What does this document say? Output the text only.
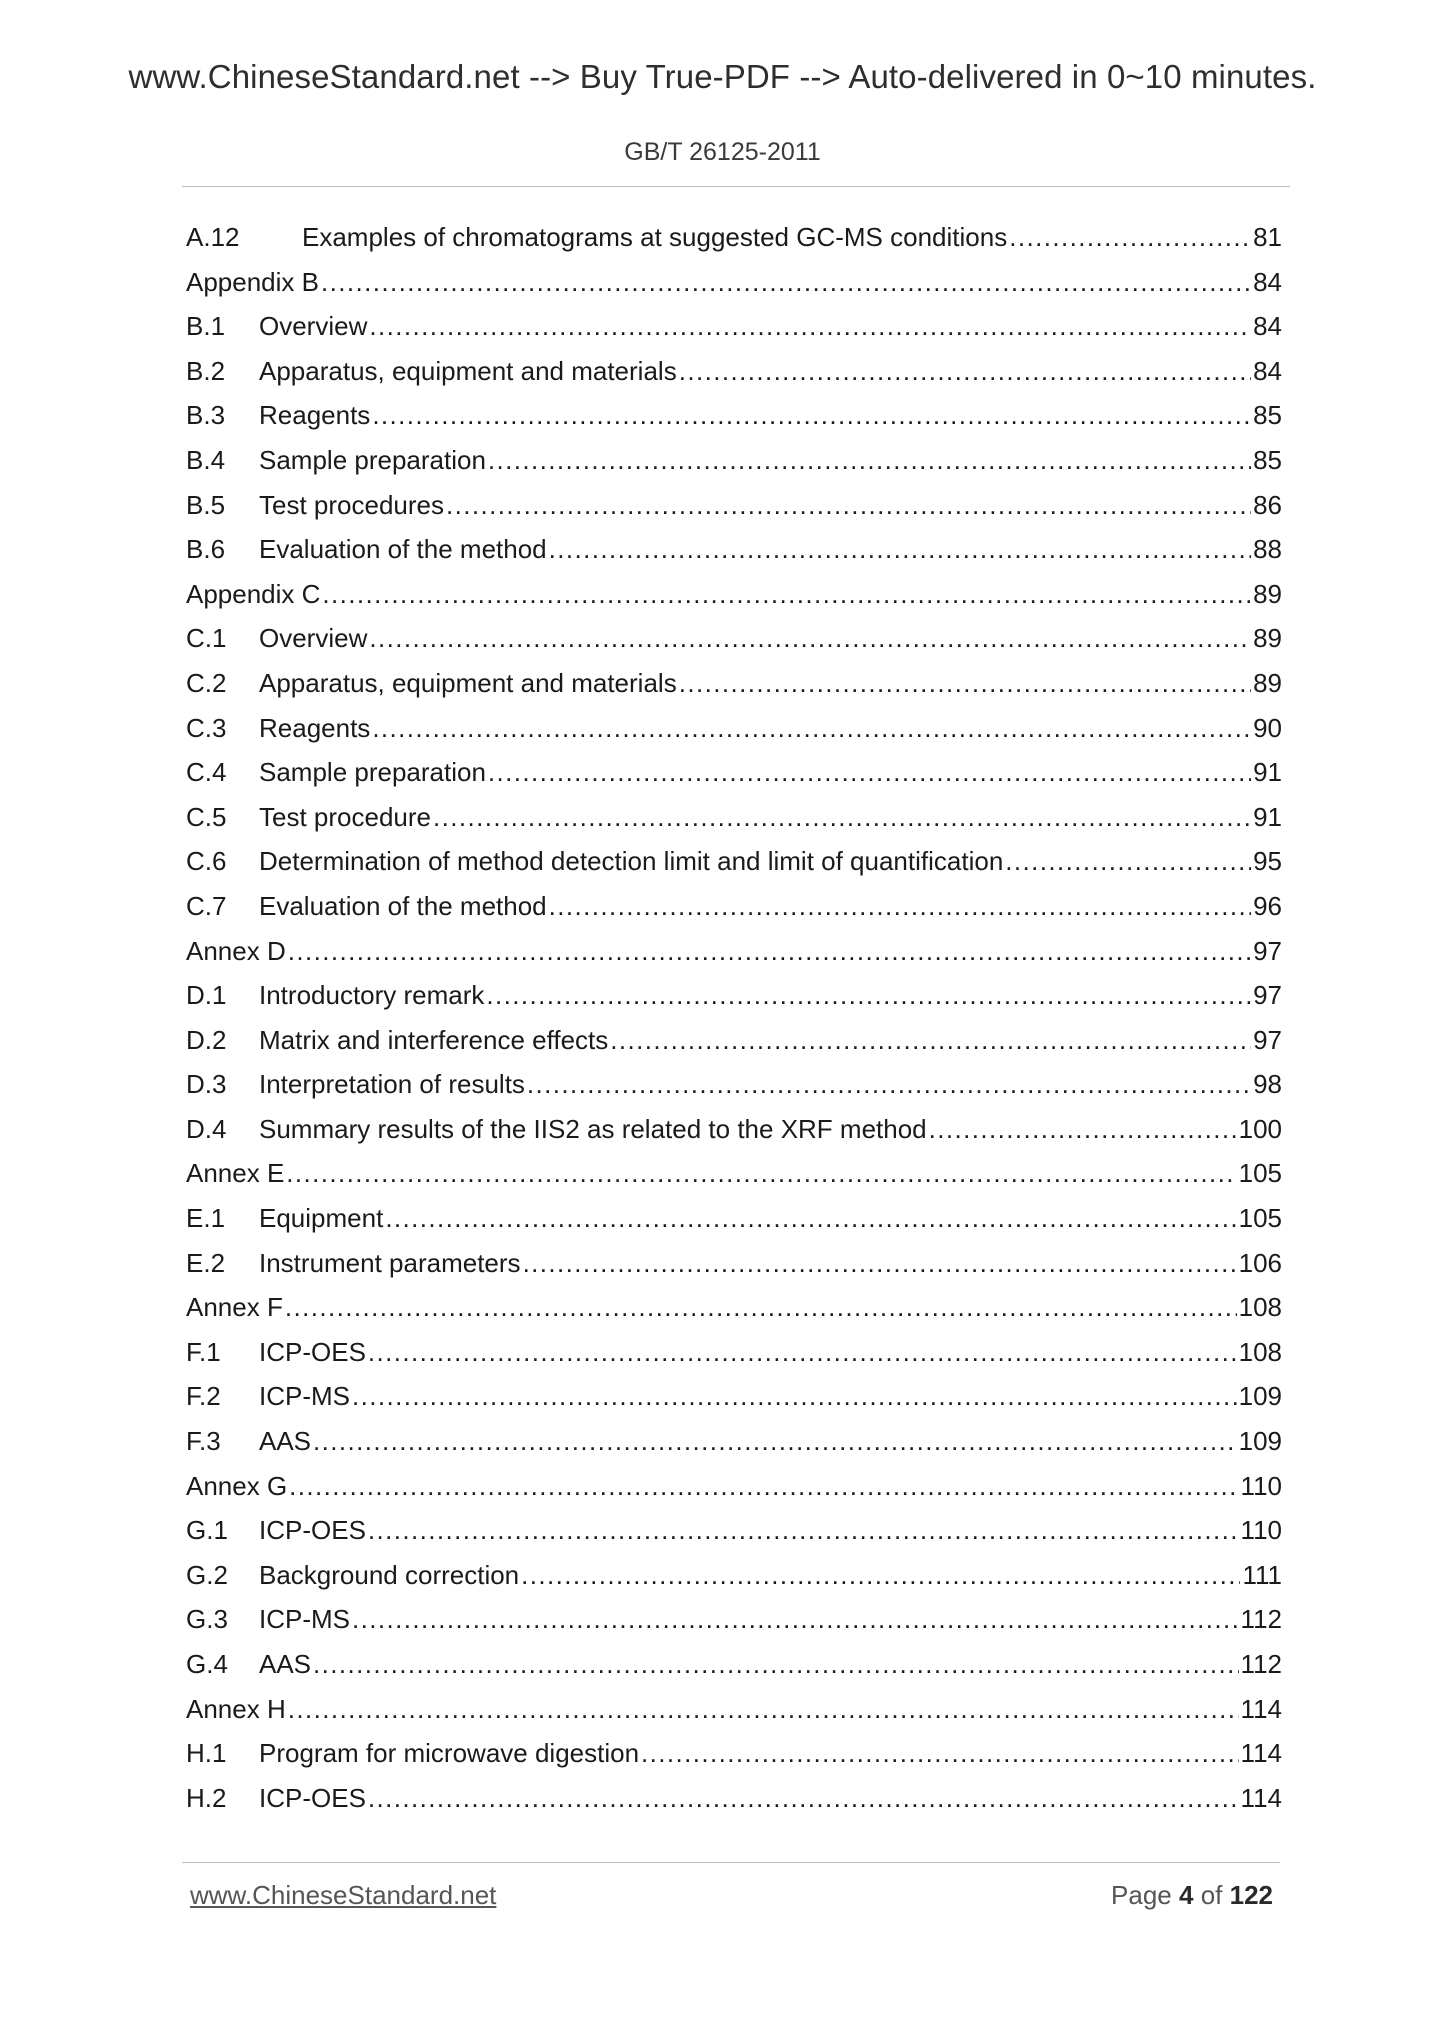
www.ChineseStandard.net --> Buy True-PDF --> Auto-delivered in 0~10 minutes.
GB/T 26125-2011
A.12	Examples of chromatograms at suggested GC-MS conditions .....	81
Appendix B .....	84
B.1	Overview .....	84
B.2	Apparatus, equipment and materials .....	84
B.3	Reagents .....	85
B.4	Sample preparation .....	85
B.5	Test procedures .....	86
B.6	Evaluation of the method .....	88
Appendix C .....	89
C.1	Overview .....	89
C.2	Apparatus, equipment and materials .....	89
C.3	Reagents .....	90
C.4	Sample preparation .....	91
C.5	Test procedure .....	91
C.6	Determination of method detection limit and limit of quantification .....	95
C.7	Evaluation of the method .....	96
Annex D .....	97
D.1	Introductory remark .....	97
D.2	Matrix and interference effects .....	97
D.3	Interpretation of results .....	98
D.4	Summary results of the IIS2 as related to the XRF method .....	100
Annex E .....	105
E.1	Equipment .....	105
E.2	Instrument parameters .....	106
Annex F .....	108
F.1	ICP-OES .....	108
F.2	ICP-MS .....	109
F.3	AAS .....	109
Annex G .....	110
G.1	ICP-OES .....	110
G.2	Background correction .....	111
G.3	ICP-MS .....	112
G.4	AAS .....	112
Annex H .....	114
H.1	Program for microwave digestion .....	114
H.2	ICP-OES .....	114
www.ChineseStandard.net	Page 4 of 122
